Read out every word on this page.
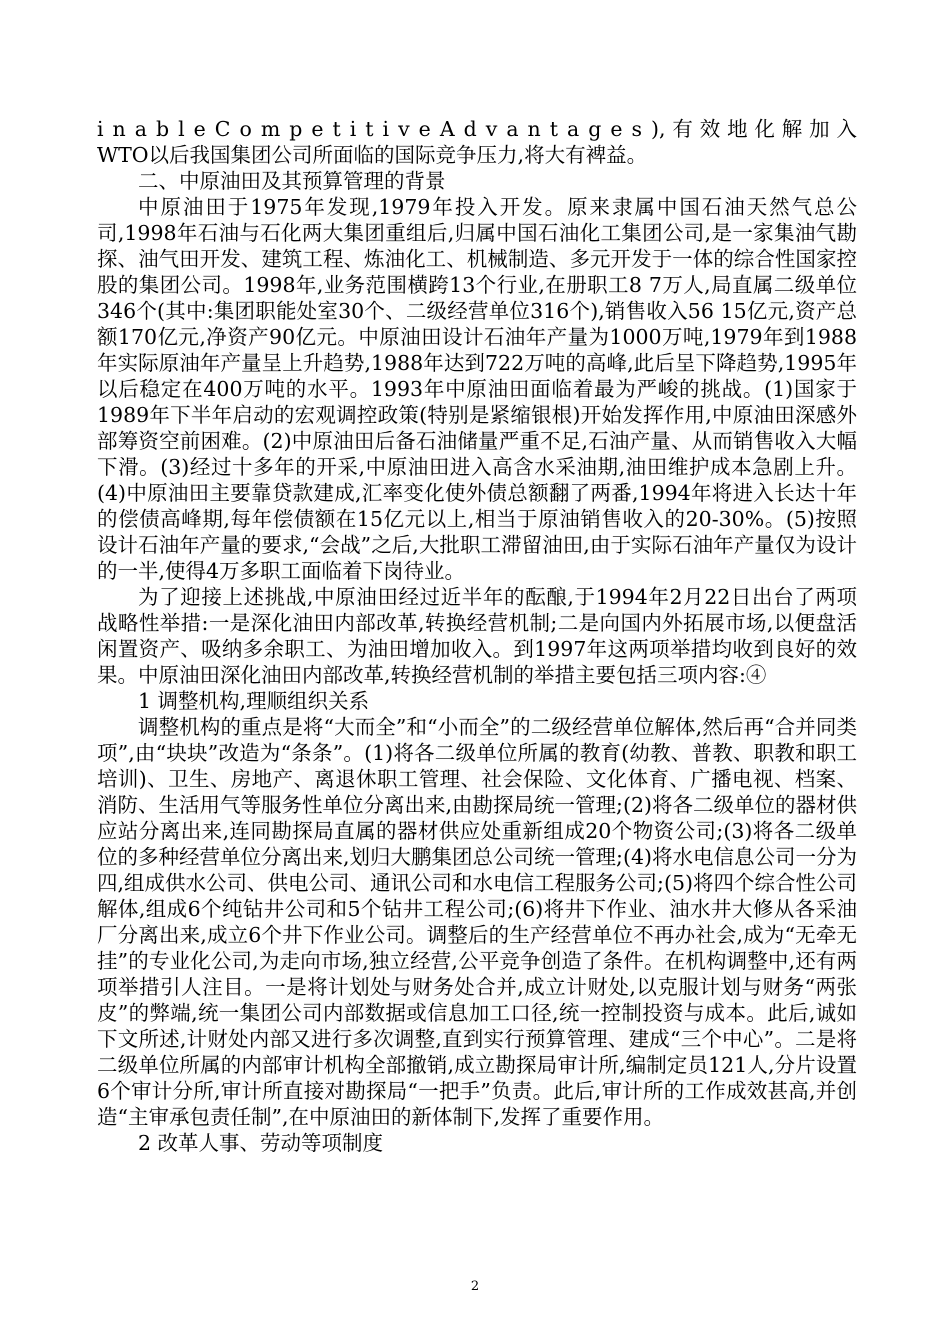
inableCompetitiveAdvantages),有效地化解加入WTO以后我国集团公司所面临的国际竞争压力,将大有裨益。

二、中原油田及其预算管理的背景

中原油田于1975年发现,1979年投入开发。原来隶属中国石油天然气总公司,1998年石油与石化两大集团重组后,归属中国石油化工集团公司,是一家集油气勘探、油气田开发、建筑工程、炼油化工、机械制造、多元开发于一体的综合性国家控股的集团公司。1998年,业务范围横跨13个行业,在册职工8 7万人,局直属二级单位346个(其中:集团职能处室30个、二级经营单位316个),销售收入56 15亿元,资产总额170亿元,净资产90亿元。中原油田设计石油年产量为1000万吨,1979年到1988年实际原油年产量呈上升趋势,1988年达到722万吨的高峰,此后呈下降趋势,1995年以后稳定在400万吨的水平。1993年中原油田面临着最为严峻的挑战。(1)国家于1989年下半年启动的宏观调控政策(特别是紧缩银根)开始发挥作用,中原油田深感外部筹资空前困难。(2)中原油田后备石油储量严重不足,石油产量、从而销售收入大幅下滑。(3)经过十多年的开采,中原油田进入高含水采油期,油田维护成本急剧上升。(4)中原油田主要靠贷款建成,汇率变化使外债总额翻了两番,1994年将进入长达十年的偿债高峰期,每年偿债额在15亿元以上,相当于原油销售收入的20-30%。(5)按照设计石油年产量的要求,“会战”之后,大批职工滞留油田,由于实际石油年产量仅为设计的一半,使得4万多职工面临着下岗待业。

为了迎接上述挑战,中原油田经过近半年的酝酿,于1994年2月22日出台了两项战略性举措:一是深化油田内部改革,转换经营机制;二是向国内外拓展市场,以便盘活闲置资产、吸纳多余职工、为油田增加收入。到1997年这两项举措均收到良好的效果。中原油田深化油田内部改革,转换经营机制的举措主要包括三项内容:④

1 调整机构,理顺组织关系

调整机构的重点是将“大而全”和“小而全”的二级经营单位解体,然后再“合并同类项”,由“块块”改造为“条条”。(1)将各二级单位所属的教育(幼教、普教、职教和职工培训)、卫生、房地产、离退休职工管理、社会保险、文化体育、广播电视、档案、消防、生活用气等服务性单位分离出来,由勘探局统一管理;(2)将各二级单位的器材供应站分离出来,连同勘探局直属的器材供应处重新组成20个物资公司;(3)将各二级单位的多种经营单位分离出来,划归大鹏集团总公司统一管理;(4)将水电信息公司一分为四,组成供水公司、供电公司、通讯公司和水电信工程服务公司;(5)将四个综合性公司解体,组成6个纯钻井公司和5个钻井工程公司;(6)将井下作业、油水井大修从各采油厂分离出来,成立6个井下作业公司。调整后的生产经营单位不再办社会,成为“无牵无挂”的专业化公司,为走向市场,独立经营,公平竞争创造了条件。在机构调整中,还有两项举措引人注目。一是将计划处与财务处合并,成立计财处,以克服计划与财务“两张皮”的弊端,统一集团公司内部数据或信息加工口径,统一控制投资与成本。此后,诚如下文所述,计财处内部又进行多次调整,直到实行预算管理、建成“三个中心”。二是将二级单位所属的内部审计机构全部撤销,成立勘探局审计所,编制定员121人,分片设置6个审计分所,审计所直接对勘探局“一把手”负责。此后,审计所的工作成效甚高,并创造“主审承包责任制”,在中原油田的新体制下,发挥了重要作用。

2 改革人事、劳动等项制度

2
